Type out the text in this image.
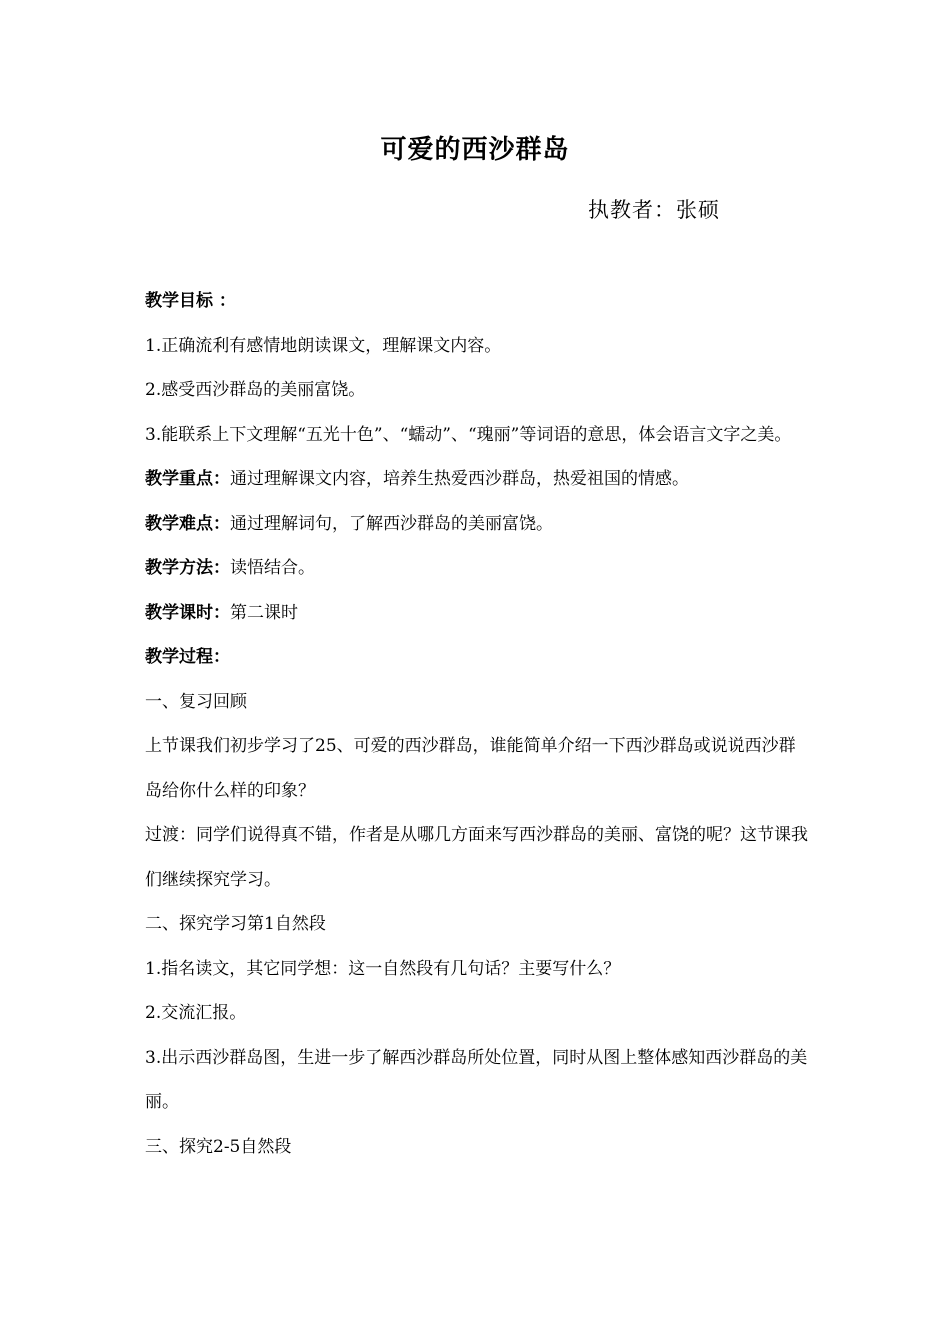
可爱的西沙群岛
执教者：张硕

教学目标 ：

1.正确流利有感情地朗读课文，理解课文内容。

2.感受西沙群岛的美丽富饶。

3.能联系上下文理解“五光十色”、“蠕动”、“瑰丽”等词语的意思，体会语言文字之美。

教学重点：通过理解课文内容，培养生热爱西沙群岛，热爱祖国的情感。

教学难点：通过理解词句，了解西沙群岛的美丽富饶。

教学方法：读悟结合。

教学课时：第二课时

教学过程：

一、复习回顾

上节课我们初步学习了25、可爱的西沙群岛，谁能简单介绍一下西沙群岛或说说西沙群岛给你什么样的印象？

过渡：同学们说得真不错，作者是从哪几方面来写西沙群岛的美丽、富饶的呢？这节课我们继续探究学习。

二、探究学习第1自然段

1.指名读文，其它同学想：这一自然段有几句话？主要写什么？

2.交流汇报。

3.出示西沙群岛图，生进一步了解西沙群岛所处位置，同时从图上整体感知西沙群岛的美丽。

三、探究2-5自然段
